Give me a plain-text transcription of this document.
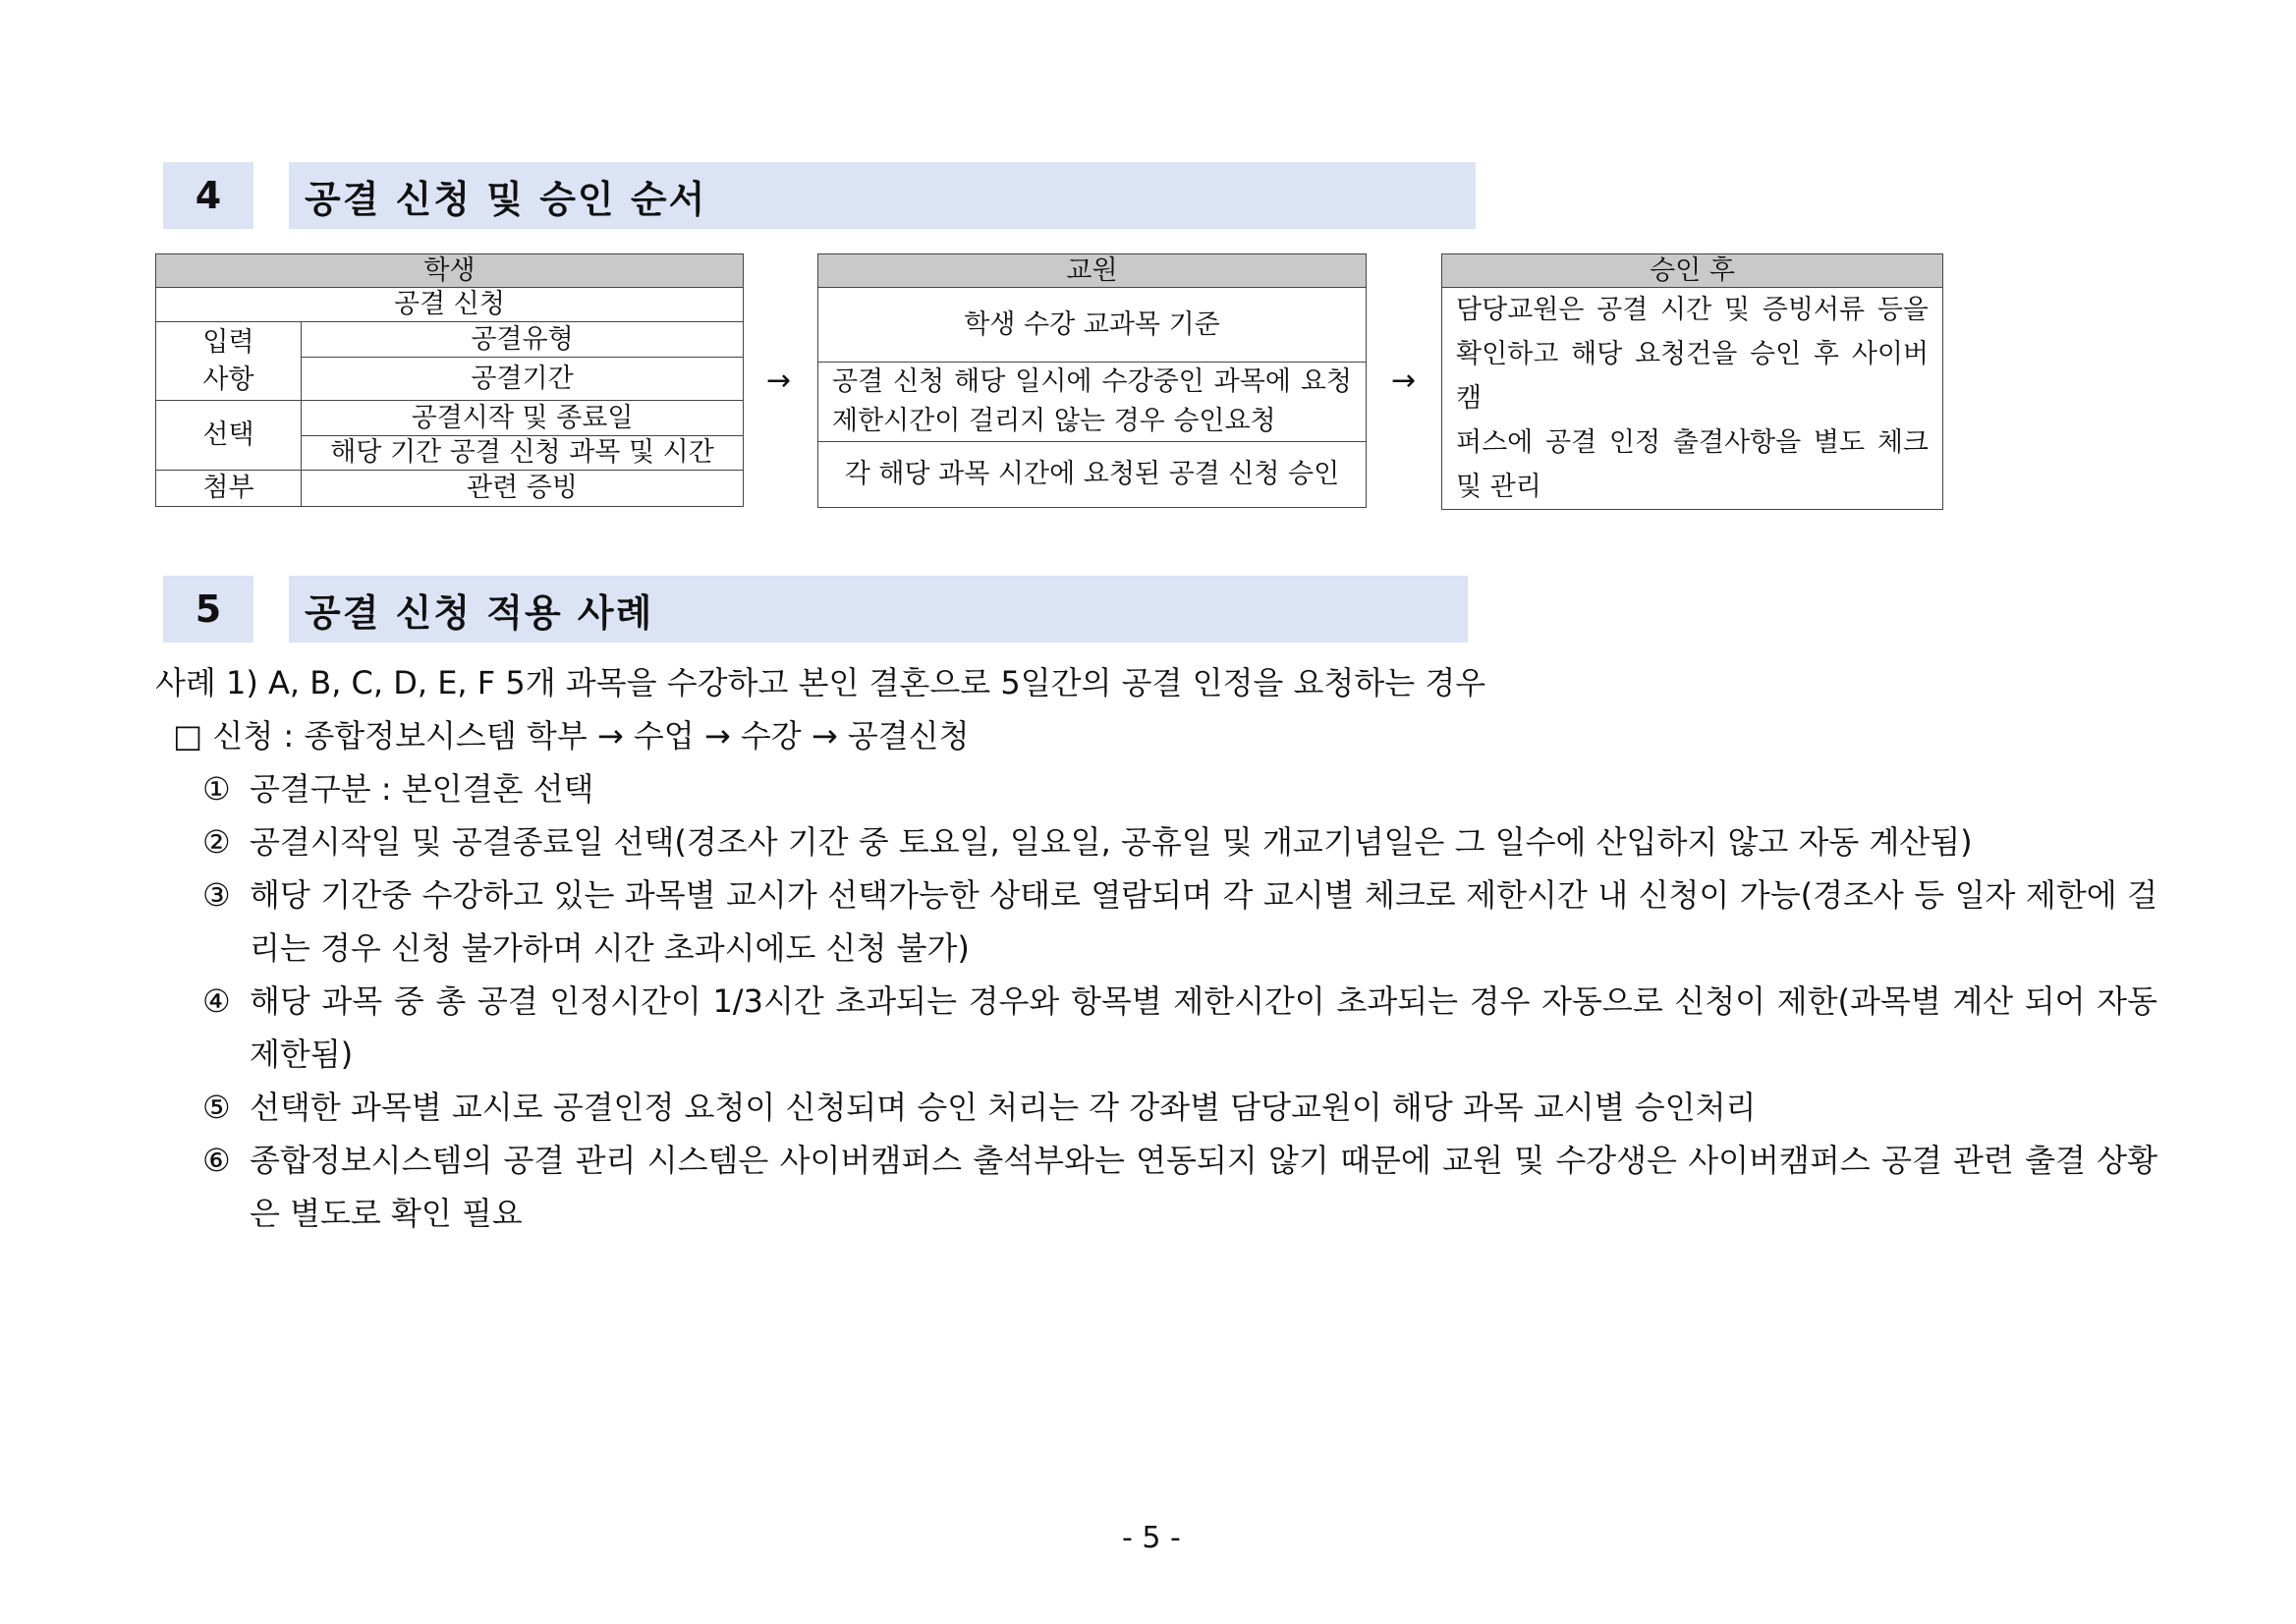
4	공결 신청 및 승인 순서
학생	
공결 신청	

입력
사항	공결유형
	공결기간
선택	공결시작 및 종료일
	해당 기간 공결 신청 과목 및 시간
첨부	관련 증빙
→
교원
학생 수강 교과목 기준

공결 신청 해당 일시에 수강중인 과목에 요청
제한시간이 걸리지 않는 경우 승인요청

각 해당 과목 시간에 요청된 공결 신청 승인
→
승인 후

담당교원은 공결 시간 및 증빙서류 등을
확인하고 해당 요청건을 승인 후 사이버캠
퍼스에 공결 인정 출결사항을 별도 체크
및 관리
5	공결 신청 적용 사례
사례 1) A, B, C, D, E, F 5개 과목을 수강하고 본인 결혼으로 5일간의 공결 인정을 요청하는 경우
□ 신청 : 종합정보시스템 학부 → 수업 → 수강 → 공결신청
① 공결구분 : 본인결혼 선택
② 공결시작일 및 공결종료일 선택(경조사 기간 중 토요일, 일요일, 공휴일 및 개교기념일은 그 일수에 산입하지 않고 자동 계산됨)
③ 해당 기간중 수강하고 있는 과목별 교시가 선택가능한 상태로 열람되며 각 교시별 체크로 제한시간 내 신청이 가능(경조사 등 일자 제한에 걸리는 경우 신청 불가하며 시간 초과시에도 신청 불가)
④ 해당 과목 중 총 공결 인정시간이 1/3시간 초과되는 경우와 항목별 제한시간이 초과되는 경우 자동으로 신청이 제한(과목별 계산 되어 자동 제한됨)
⑤ 선택한 과목별 교시로 공결인정 요청이 신청되며 승인 처리는 각 강좌별 담당교원이 해당 과목 교시별 승인처리
⑥ 종합정보시스템의 공결 관리 시스템은 사이버캠퍼스 출석부와는 연동되지 않기 때문에 교원 및 수강생은 사이버캠퍼스 공결 관련 출결 상황은 별도로 확인 필요
- 5 -
